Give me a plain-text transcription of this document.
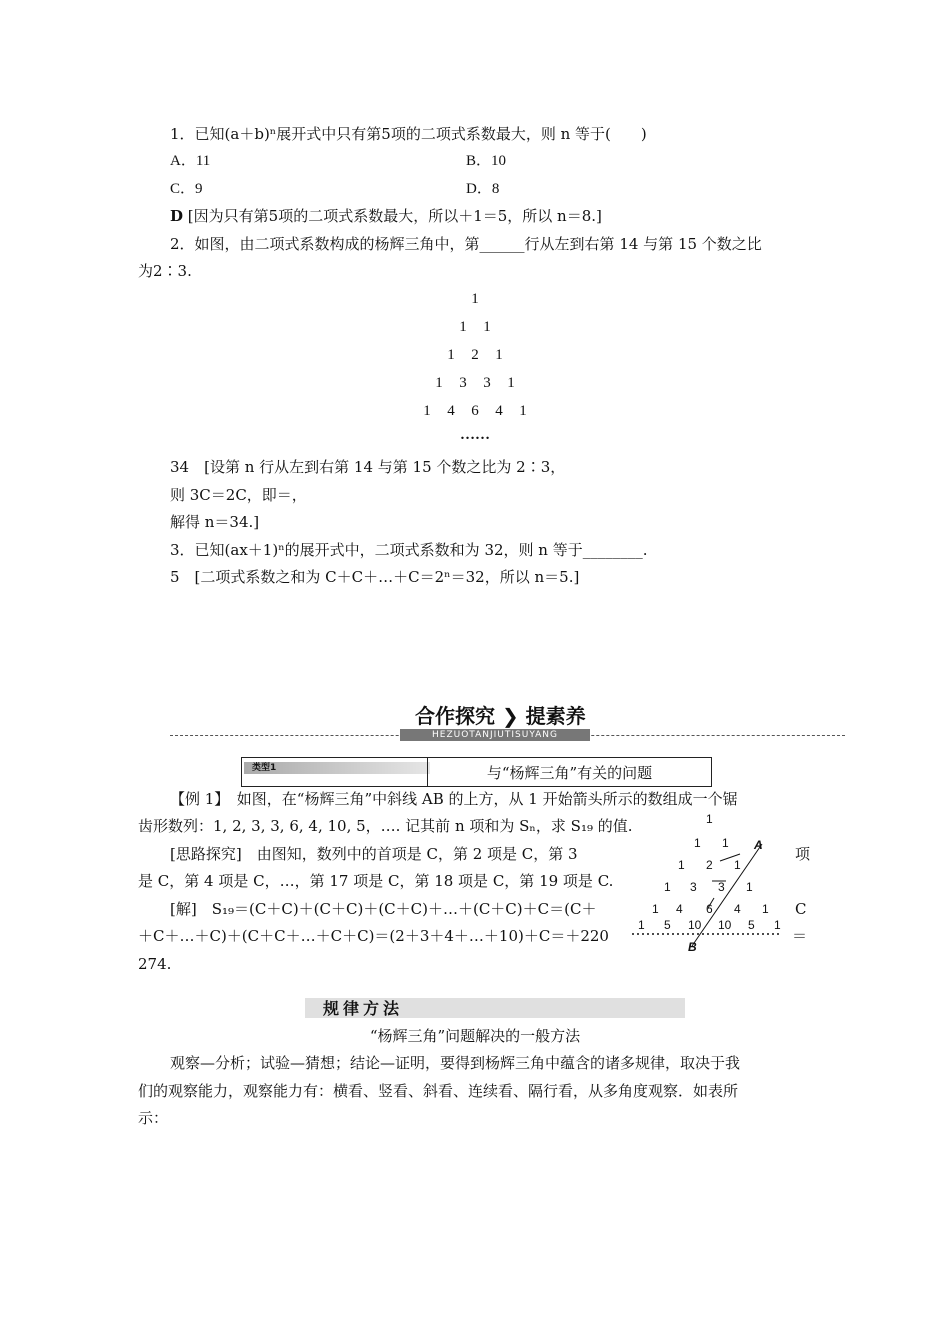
1．已知(a＋b)ⁿ展开式中只有第5项的二项式系数最大，则 n 等于(　　)
A．11	B．10
C．9	D．8
D [因为只有第5项的二项式系数最大，所以＋1＝5，所以 n＝8.]
2．如图，由二项式系数构成的杨辉三角中，第______行从左到右第 14 与第 15 个数之比
为2∶3.
1
1 1
1 2 1
1 3 3 1
1 4 6 4 1
……
34　[设第 n 行从左到右第 14 与第 15 个数之比为 2∶3，
则 3C＝2C，即＝，
解得 n＝34.]
3．已知(ax＋1)ⁿ的展开式中，二项式系数和为 32，则 n 等于________.
5　[二项式系数之和为 C＋C＋…＋C＝2ⁿ＝32，所以 n＝5.]
合作探究 ❯ 提素养
HEZUOTANJIUTISUYANG
类型1	与“杨辉三角”有关的问题
【例 1】　如图，在“杨辉三角”中斜线 AB 的上方，从 1 开始箭头所示的数组成一个锯
齿形数列：1, 2, 3, 3, 6, 4, 10, 5，…. 记其前 n 项和为 Sₙ，求 S₁₉ 的值.
[思路探究]　由图知，数列中的首项是 C，第 2 项是 C，第 3	项
是 C，第 4 项是 C，…，第 17 项是 C，第 18 项是 C，第 19 项是 C.
[解]　S₁₉＝(C＋C)＋(C＋C)＋(C＋C)＋…＋(C＋C)＋C＝(C＋	C
＋C＋…＋C)＋(C＋C＋…＋C＋C)＝(2＋3＋4＋…＋10)＋C＝＋220	＝
274.
1
1 1
1 2 1
1 3 3 1
1 4 6 4 1
1 5 10 10 5 1
A
B
规律方法
“杨辉三角”问题解决的一般方法
观察—分析；试验—猜想；结论—证明，要得到杨辉三角中蕴含的诸多规律，取决于我
们的观察能力，观察能力有：横看、竖看、斜看、连续看、隔行看，从多角度观察．如表所
示：
